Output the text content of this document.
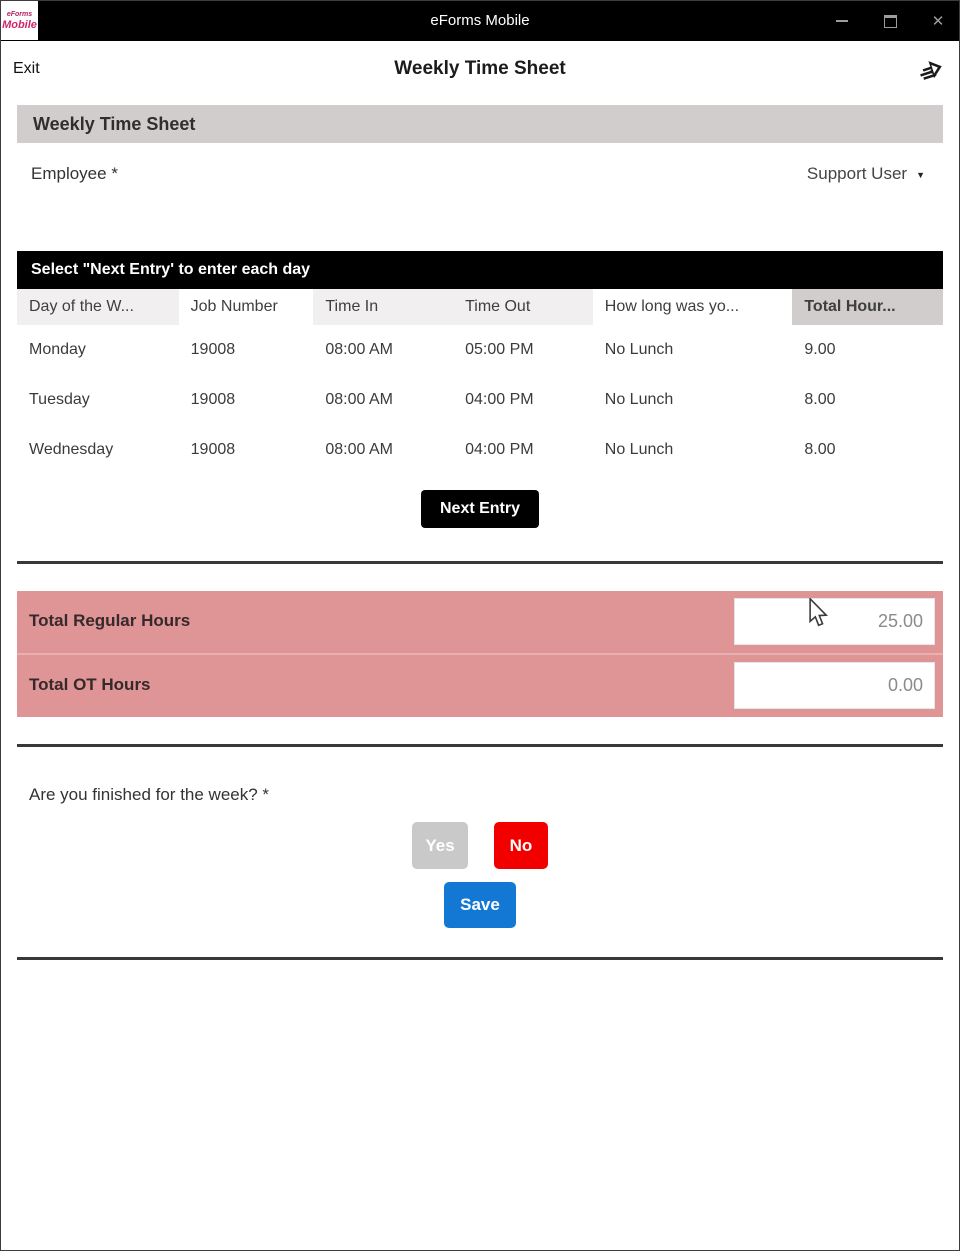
eForms
Mobile	eForms Mobile	✕
Exit	Weekly Time Sheet
Weekly Time Sheet
Employee *	Support User ▼
Select "Next Entry' to enter each day
Day of the W...	Job Number	Time In	Time Out	How long was yo...	Total Hour...
Monday	19008	08:00 AM	05:00 PM	No Lunch	9.00
Tuesday	19008	08:00 AM	04:00 PM	No Lunch	8.00
Wednesday	19008	08:00 AM	04:00 PM	No Lunch	8.00
Next Entry
Total Regular Hours
25.00
Total OT Hours
0.00
Are you finished for the week? *
Yes	No
Save
